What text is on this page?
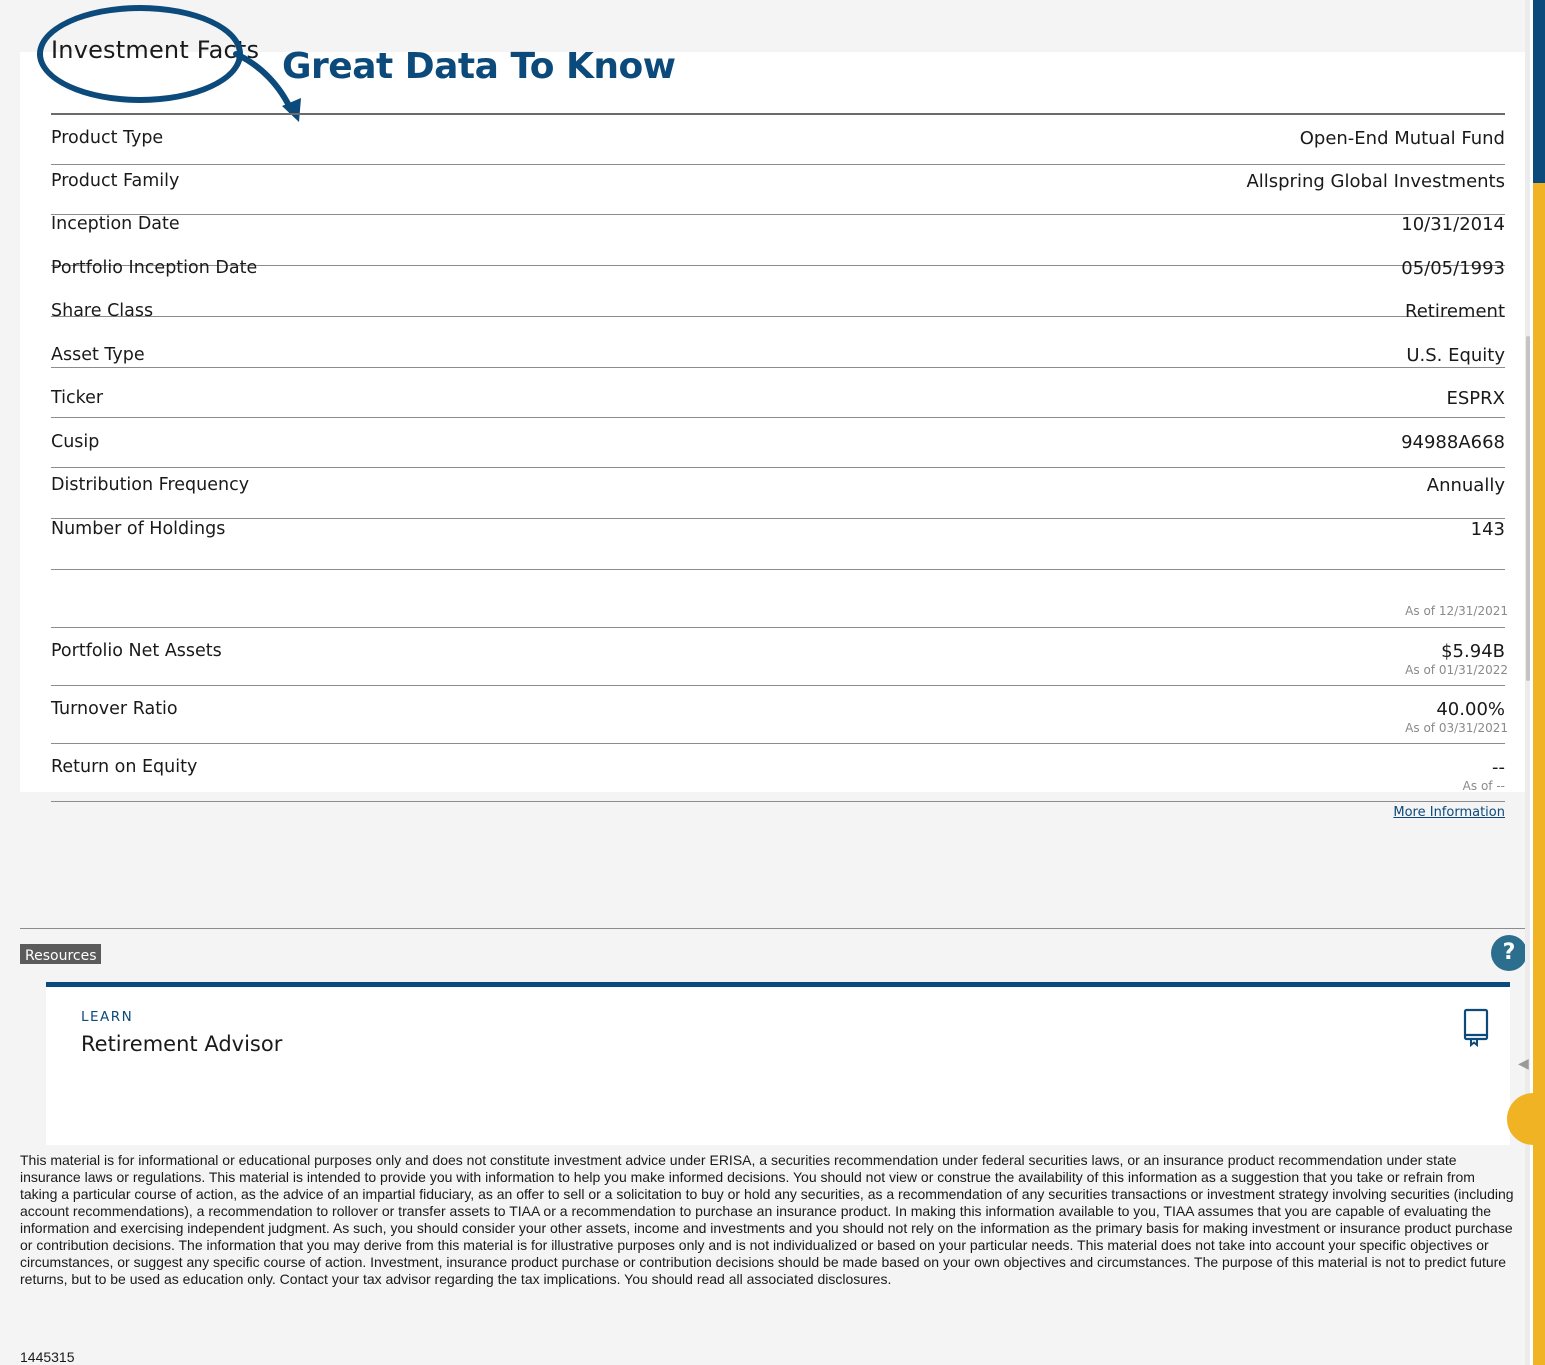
Investment Facts Great Data To Know
Product Type	Open-End Mutual Fund
Product Family	Allspring Global Investments
Inception Date	10/31/2014
Portfolio Inception Date	05/05/1993
Share Class	Retirement
Asset Type	U.S. Equity
Ticker	ESPRX
Cusip	94988A668
Distribution Frequency	Annually
Number of Holdings	143
As of 12/31/2021
Portfolio Net Assets	$5.94B
As of 01/31/2022
Turnover Ratio	40.00%
As of 03/31/2021
Return on Equity	--
As of --
More Information
Resources	?
LEARN
Retirement Advisor
This material is for informational or educational purposes only and does not constitute investment advice under ERISA, a securities recommendation under federal securities laws, or an insurance product recommendation under state insurance laws or regulations. This material is intended to provide you with information to help you make informed decisions. You should not view or construe the availability of this information as a suggestion that you take or refrain from taking a particular course of action, as the advice of an impartial fiduciary, as an offer to sell or a solicitation to buy or hold any securities, as a recommendation of any securities transactions or investment strategy involving securities (including account recommendations), a recommendation to rollover or transfer assets to TIAA or a recommendation to purchase an insurance product. In making this information available to you, TIAA assumes that you are capable of evaluating the information and exercising independent judgment. As such, you should consider your other assets, income and investments and you should not rely on the information as the primary basis for making investment or insurance product purchase or contribution decisions. The information that you may derive from this material is for illustrative purposes only and is not individualized or based on your particular needs. This material does not take into account your specific objectives or circumstances, or suggest any specific course of action. Investment, insurance product purchase or contribution decisions should be made based on your own objectives and circumstances. The purpose of this material is not to predict future returns, but to be used as education only. Contact your tax advisor regarding the tax implications. You should read all associated disclosures.
1445315
◀
